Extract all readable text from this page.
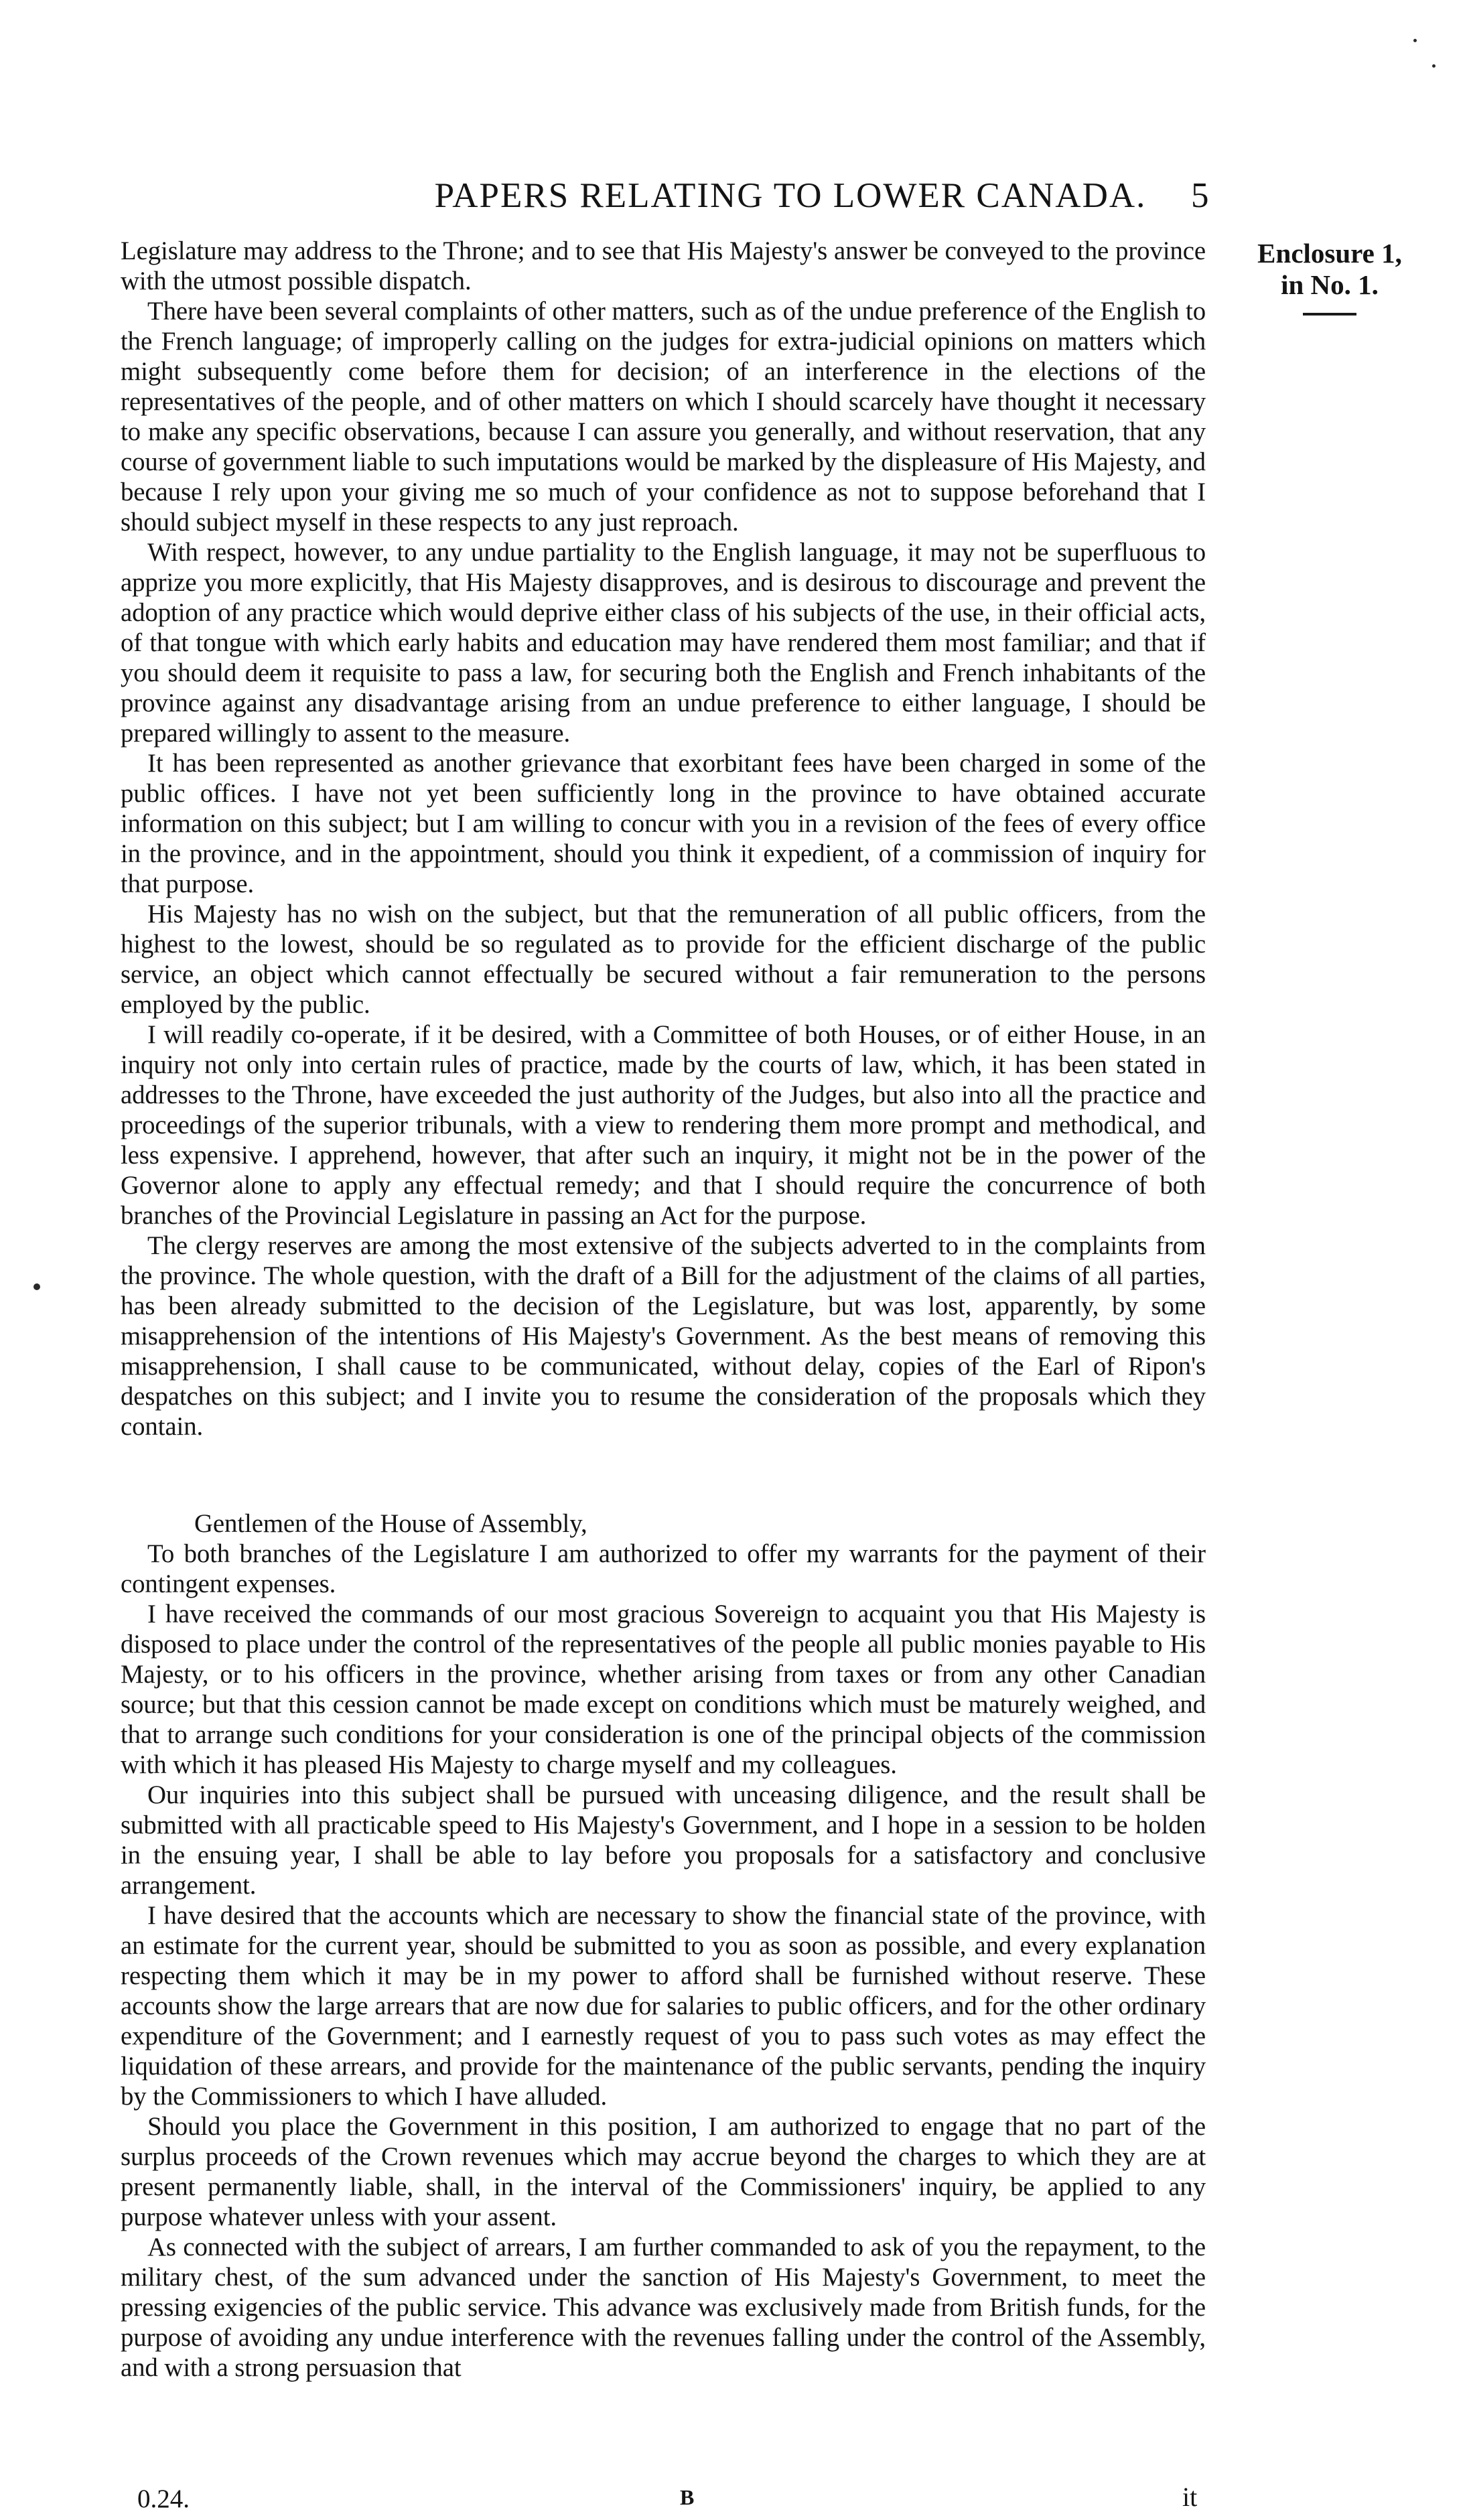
PAPERS RELATING TO LOWER CANADA.	5
Enclosure 1,
in No. 1.

Legislature may address to the Throne; and to see that His Majesty's answer be conveyed to the province with the utmost possible dispatch.

There have been several complaints of other matters, such as of the undue preference of the English to the French language; of improperly calling on the judges for extra-judicial opinions on matters which might subsequently come before them for decision; of an interference in the elections of the representatives of the people, and of other matters on which I should scarcely have thought it necessary to make any specific observations, because I can assure you generally, and without reservation, that any course of government liable to such imputations would be marked by the displeasure of His Majesty, and because I rely upon your giving me so much of your confidence as not to suppose beforehand that I should subject myself in these respects to any just reproach.

With respect, however, to any undue partiality to the English language, it may not be superfluous to apprize you more explicitly, that His Majesty disapproves, and is desirous to discourage and prevent the adoption of any practice which would deprive either class of his subjects of the use, in their official acts, of that tongue with which early habits and education may have rendered them most familiar; and that if you should deem it requisite to pass a law, for securing both the English and French inhabitants of the province against any disadvantage arising from an undue preference to either language, I should be prepared willingly to assent to the measure.

It has been represented as another grievance that exorbitant fees have been charged in some of the public offices. I have not yet been sufficiently long in the province to have obtained accurate information on this subject; but I am willing to concur with you in a revision of the fees of every office in the province, and in the appointment, should you think it expedient, of a commission of inquiry for that purpose.

His Majesty has no wish on the subject, but that the remuneration of all public officers, from the highest to the lowest, should be so regulated as to provide for the efficient discharge of the public service, an object which cannot effectually be secured without a fair remuneration to the persons employed by the public.

I will readily co-operate, if it be desired, with a Committee of both Houses, or of either House, in an inquiry not only into certain rules of practice, made by the courts of law, which, it has been stated in addresses to the Throne, have exceeded the just authority of the Judges, but also into all the practice and proceedings of the superior tribunals, with a view to rendering them more prompt and methodical, and less expensive. I apprehend, however, that after such an inquiry, it might not be in the power of the Governor alone to apply any effectual remedy; and that I should require the concurrence of both branches of the Provincial Legislature in passing an Act for the purpose.

The clergy reserves are among the most extensive of the subjects adverted to in the complaints from the province. The whole question, with the draft of a Bill for the adjustment of the claims of all parties, has been already submitted to the decision of the Legislature, but was lost, apparently, by some misapprehension of the intentions of His Majesty's Government. As the best means of removing this misapprehension, I shall cause to be communicated, without delay, copies of the Earl of Ripon's despatches on this subject; and I invite you to resume the consideration of the proposals which they contain.

Gentlemen of the House of Assembly,

To both branches of the Legislature I am authorized to offer my warrants for the payment of their contingent expenses.

I have received the commands of our most gracious Sovereign to acquaint you that His Majesty is disposed to place under the control of the representatives of the people all public monies payable to His Majesty, or to his officers in the province, whether arising from taxes or from any other Canadian source; but that this cession cannot be made except on conditions which must be maturely weighed, and that to arrange such conditions for your consideration is one of the principal objects of the commission with which it has pleased His Majesty to charge myself and my colleagues.

Our inquiries into this subject shall be pursued with unceasing diligence, and the result shall be submitted with all practicable speed to His Majesty's Government, and I hope in a session to be holden in the ensuing year, I shall be able to lay before you proposals for a satisfactory and conclusive arrangement.

I have desired that the accounts which are necessary to show the financial state of the province, with an estimate for the current year, should be submitted to you as soon as possible, and every explanation respecting them which it may be in my power to afford shall be furnished without reserve. These accounts show the large arrears that are now due for salaries to public officers, and for the other ordinary expenditure of the Government; and I earnestly request of you to pass such votes as may effect the liquidation of these arrears, and provide for the maintenance of the public servants, pending the inquiry by the Commissioners to which I have alluded.

Should you place the Government in this position, I am authorized to engage that no part of the surplus proceeds of the Crown revenues which may accrue beyond the charges to which they are at present permanently liable, shall, in the interval of the Commissioners' inquiry, be applied to any purpose whatever unless with your assent.

As connected with the subject of arrears, I am further commanded to ask of you the repayment, to the military chest, of the sum advanced under the sanction of His Majesty's Government, to meet the pressing exigencies of the public service. This advance was exclusively made from British funds, for the purpose of avoiding any undue interference with the revenues falling under the control of the Assembly, and with a strong persuasion that

0.24.	B	it
